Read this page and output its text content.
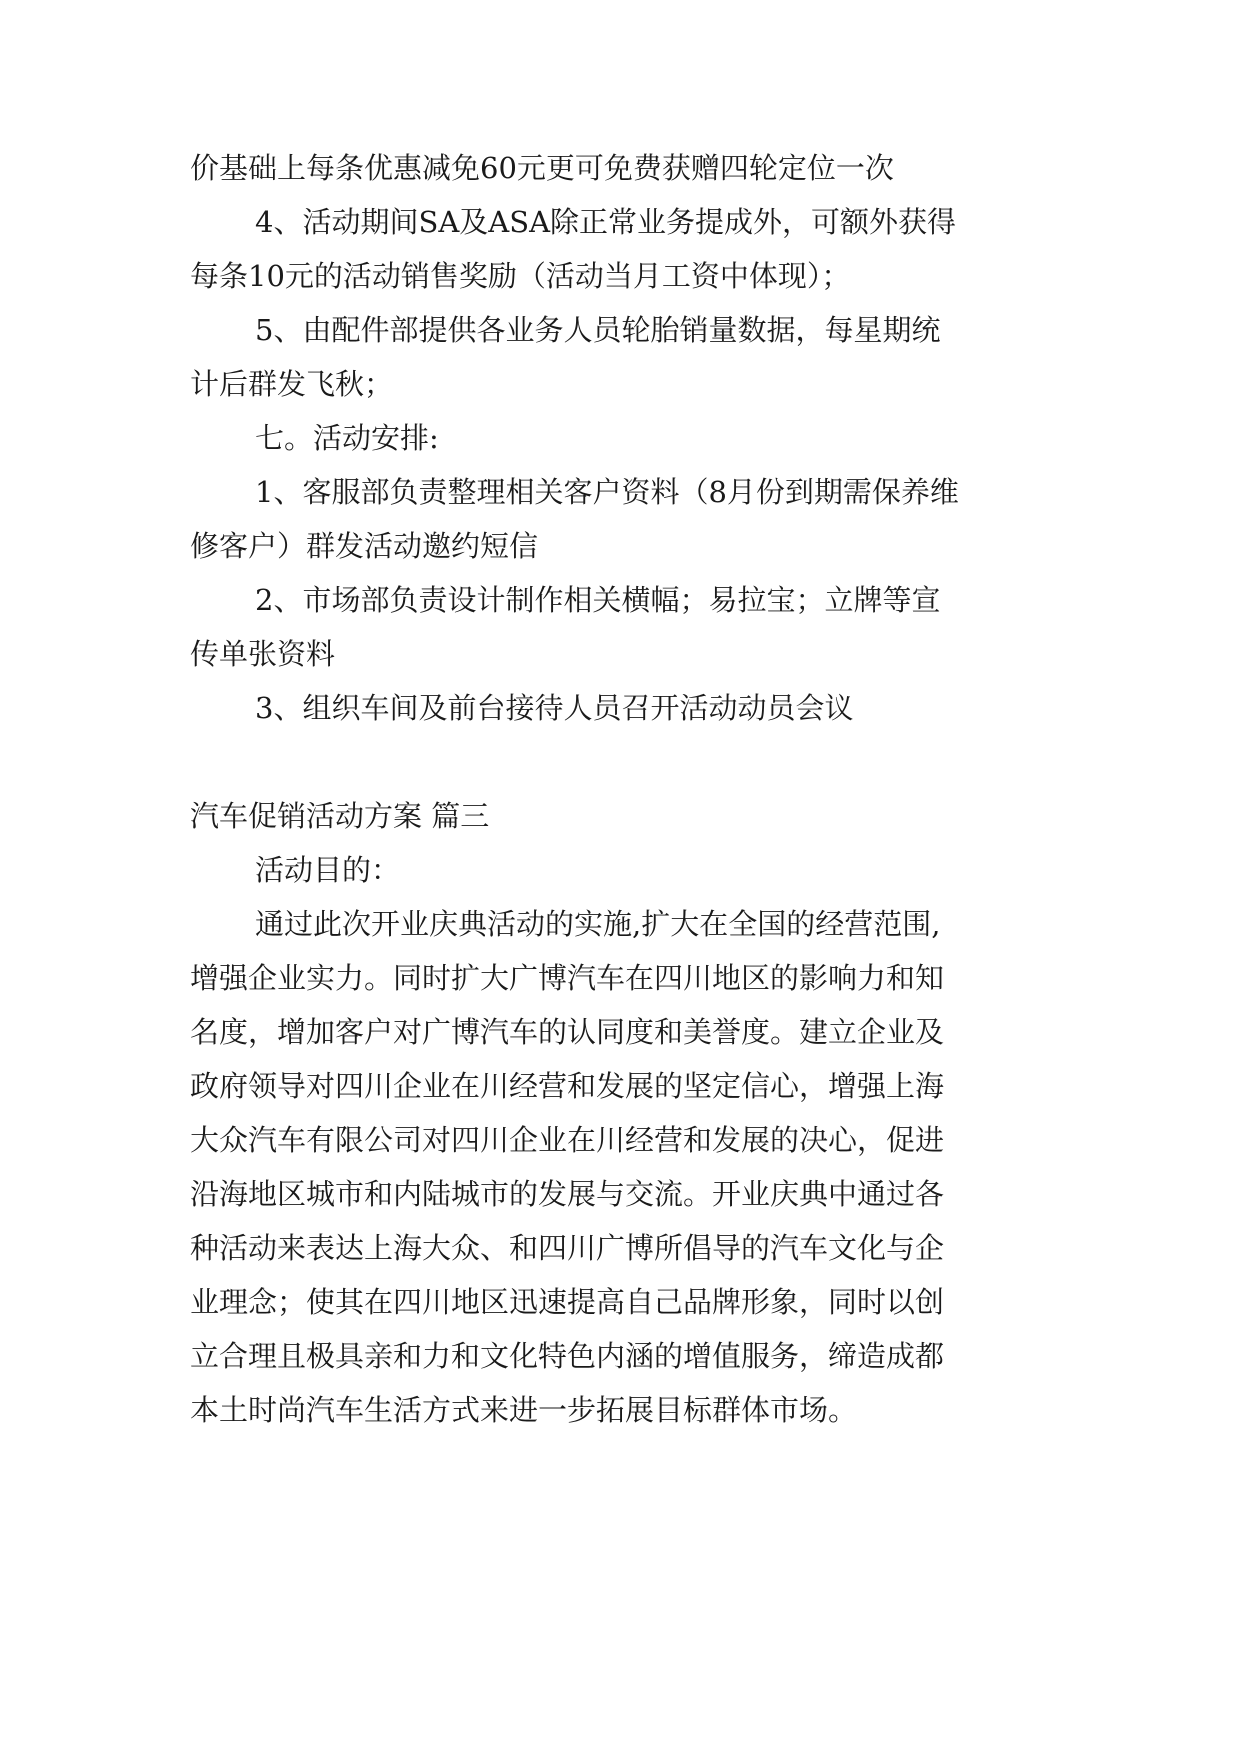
价基础上每条优惠减免60元更可免费获赠四轮定位一次
4、活动期间SA及ASA除正常业务提成外，可额外获得
每条10元的活动销售奖励（活动当月工资中体现）；
5、由配件部提供各业务人员轮胎销量数据，每星期统
计后群发飞秋；
七。活动安排:
1、客服部负责整理相关客户资料（8月份到期需保养维
修客户）群发活动邀约短信
2、市场部负责设计制作相关横幅；易拉宝；立牌等宣
传单张资料
3、组织车间及前台接待人员召开活动动员会议
汽车促销活动方案 篇三
活动目的：
通过此次开业庆典活动的实施,扩大在全国的经营范围,
增强企业实力。同时扩大广博汽车在四川地区的影响力和知
名度，增加客户对广博汽车的认同度和美誉度。建立企业及
政府领导对四川企业在川经营和发展的坚定信心，增强上海
大众汽车有限公司对四川企业在川经营和发展的决心，促进
沿海地区城市和内陆城市的发展与交流。开业庆典中通过各
种活动来表达上海大众、和四川广博所倡导的汽车文化与企
业理念；使其在四川地区迅速提高自己品牌形象，同时以创
立合理且极具亲和力和文化特色内涵的增值服务，缔造成都
本土时尚汽车生活方式来进一步拓展目标群体市场。
